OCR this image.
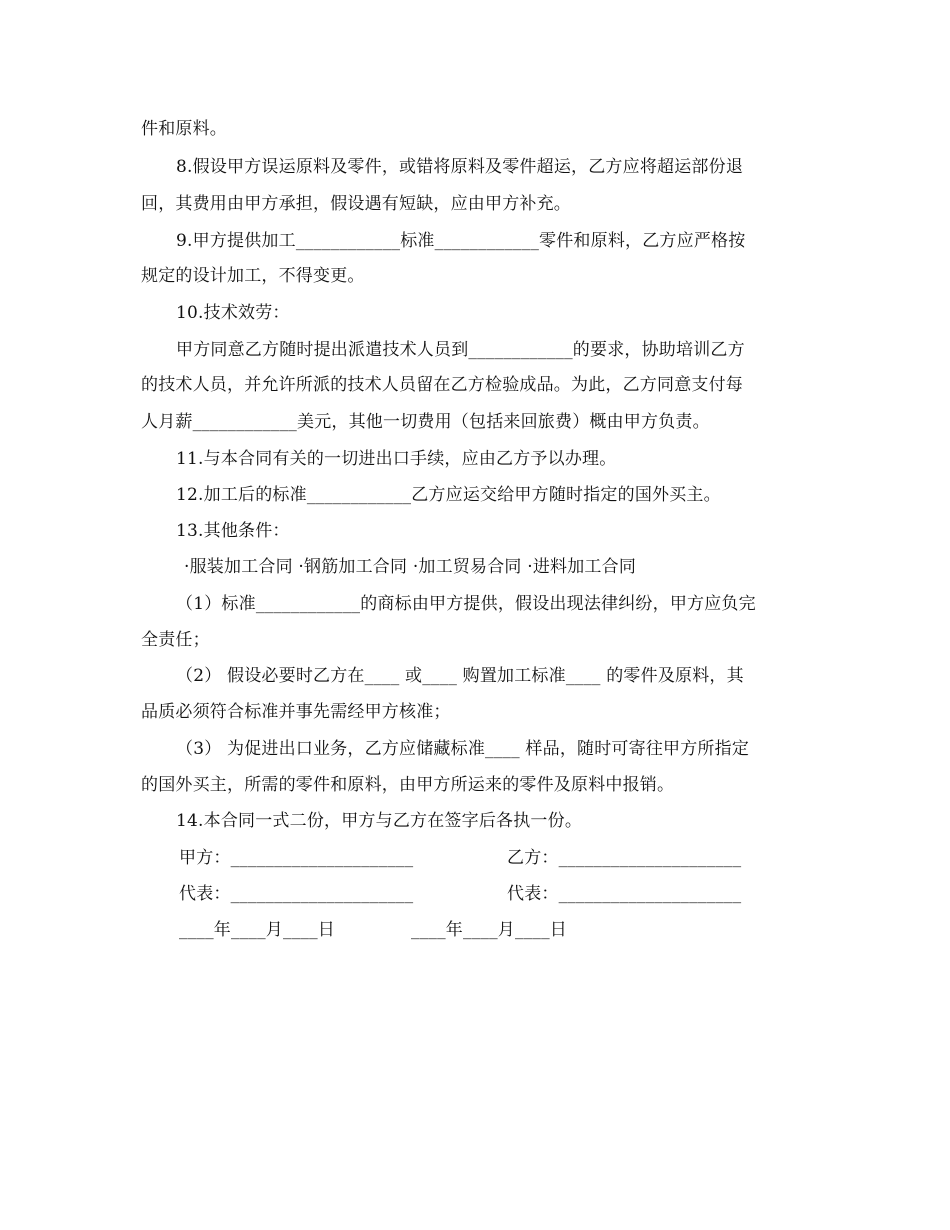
件和原料。
8.假设甲方误运原料及零件，或错将原料及零件超运，乙方应将超运部份退
回，其费用由甲方承担，假设遇有短缺，应由甲方补充。
9.甲方提供加工____________标准____________零件和原料，乙方应严格按
规定的设计加工，不得变更。
10.技术效劳：
甲方同意乙方随时提出派遣技术人员到____________的要求，协助培训乙方
的技术人员，并允许所派的技术人员留在乙方检验成品。为此，乙方同意支付每
人月薪____________美元，其他一切费用（包括来回旅费）概由甲方负责。
11.与本合同有关的一切进出口手续，应由乙方予以办理。
12.加工后的标准____________乙方应运交给甲方随时指定的国外买主。
13.其他条件：
·服装加工合同 ·钢筋加工合同 ·加工贸易合同 ·进料加工合同
（1）标准____________的商标由甲方提供，假设出现法律纠纷，甲方应负完
全责任；
（2） 假设必要时乙方在____ 或____ 购置加工标准____ 的零件及原料，其
品质必须符合标准并事先需经甲方核准；
（3） 为促进出口业务，乙方应储藏标准____ 样品，随时可寄往甲方所指定
的国外买主，所需的零件和原料，由甲方所运来的零件及原料中报销。
14.本合同一式二份，甲方与乙方在签字后各执一份。
甲方：_____________________	乙方：_____________________
代表：_____________________	代表：_____________________
____年____月____日	____年____月____日
